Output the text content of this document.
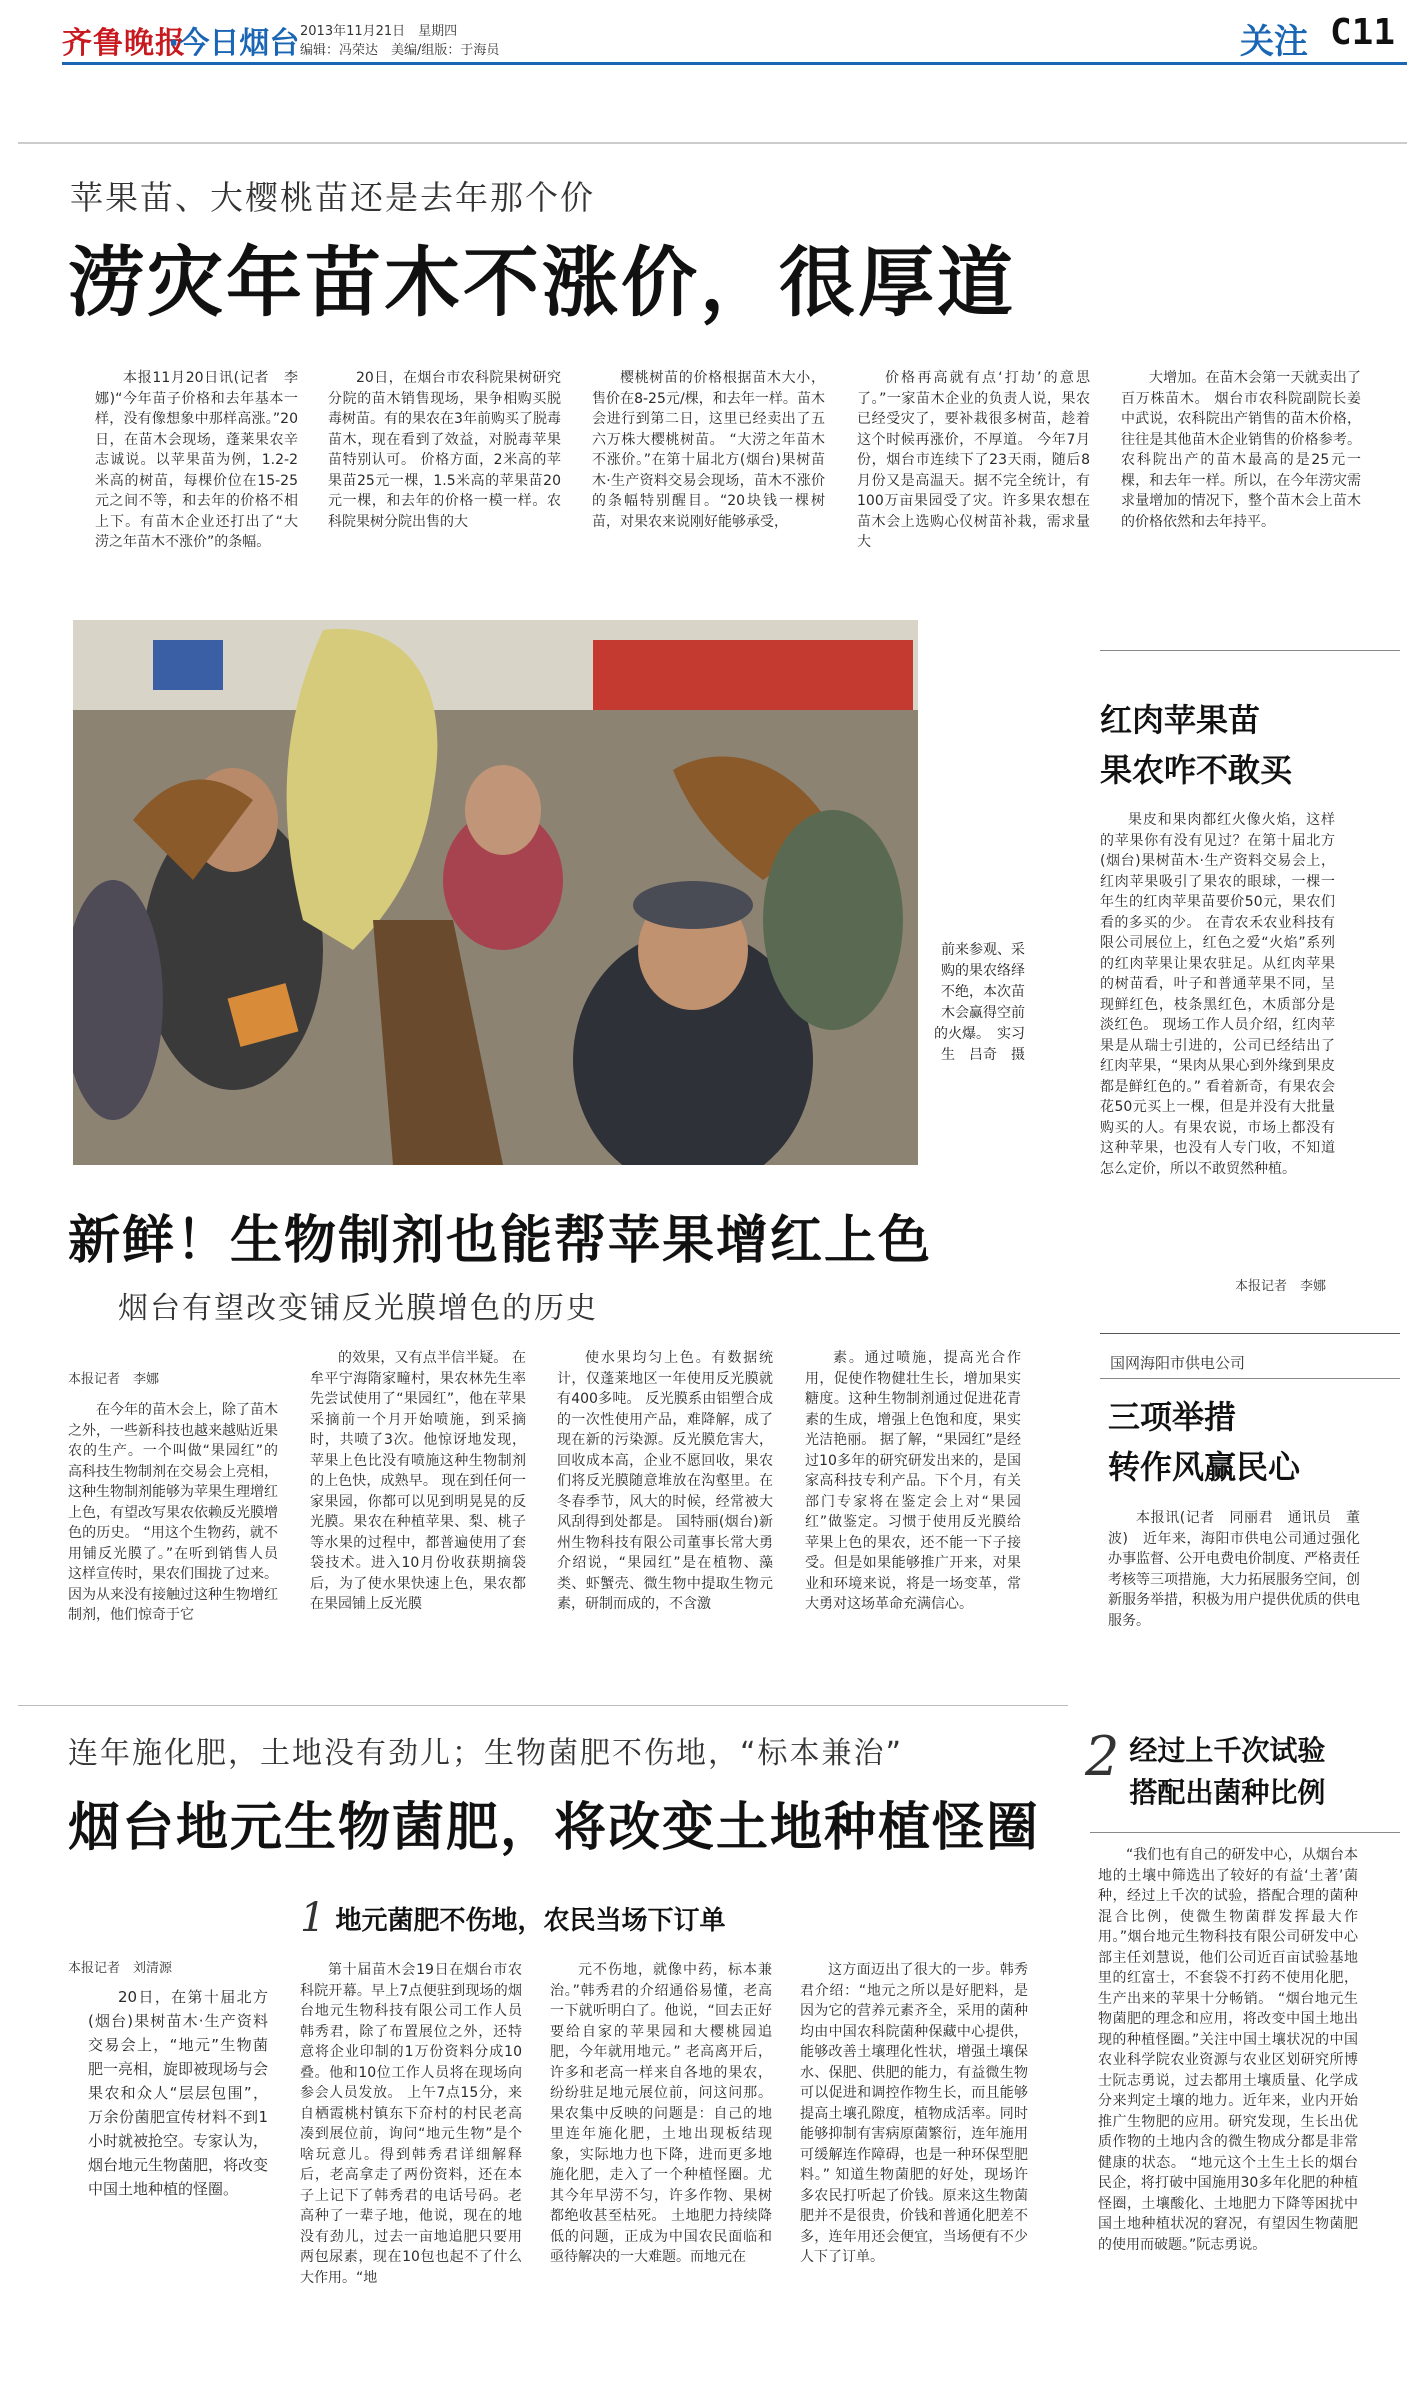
齐鲁晚报
·今日烟台 2013年11月21日　星期四
编辑：冯荣达　美编/组版：于海员	关注 C11
苹果苗、大樱桃苗还是去年那个价
涝灾年苗木不涨价，很厚道

本报11月20日讯(记者　李娜)“今年苗子价格和去年基本一样，没有像想象中那样高涨。”20日，在苗木会现场，蓬莱果农辛志诚说。以苹果苗为例，1.2-2米高的树苗，每棵价位在15-25元之间不等，和去年的价格不相上下。有苗木企业还打出了“大涝之年苗木不涨价”的条幅。

20日，在烟台市农科院果树研究分院的苗木销售现场，果争相购买脱毒树苗。有的果农在3年前购买了脱毒苗木，现在看到了效益，对脱毒苹果苗特别认可。 价格方面，2米高的苹果苗25元一棵，1.5米高的苹果苗20元一棵，和去年的价格一模一样。农科院果树分院出售的大

樱桃树苗的价格根据苗木大小，售价在8-25元/棵，和去年一样。苗木会进行到第二日，这里已经卖出了五六万株大樱桃树苗。 “大涝之年苗木不涨价。”在第十届北方(烟台)果树苗木·生产资料交易会现场，苗木不涨价的条幅特别醒目。“20块钱一棵树苗，对果农来说刚好能够承受，

价格再高就有点‘打劫’的意思了。”一家苗木企业的负责人说，果农已经受灾了，要补栽很多树苗，趁着这个时候再涨价，不厚道。 今年7月份，烟台市连续下了23天雨，随后8月份又是高温天。据不完全统计，有100万亩果园受了灾。许多果农想在苗木会上选购心仪树苗补栽，需求量大

大增加。在苗木会第一天就卖出了百万株苗木。 烟台市农科院副院长姜中武说，农科院出产销售的苗木价格，往往是其他苗木企业销售的价格参考。农科院出产的苗木最高的是25元一棵，和去年一样。所以，在今年涝灾需求量增加的情况下，整个苗木会上苗木的价格依然和去年持平。

前来参观、采购的果农络绎不绝，本次苗木会赢得空前的火爆。　实习生　吕奇　摄
红肉苹果苗
果农咋不敢买

果皮和果肉都红火像火焰，这样的苹果你有没有见过？在第十届北方(烟台)果树苗木·生产资料交易会上，红肉苹果吸引了果农的眼球，一棵一年生的红肉苹果苗要价50元，果农们看的多买的少。 在青农禾农业科技有限公司展位上，红色之爱“火焰”系列的红肉苹果让果农驻足。从红肉苹果的树苗看，叶子和普通苹果不同，呈现鲜红色，枝条黑红色，木质部分是淡红色。 现场工作人员介绍，红肉苹果是从瑞士引进的，公司已经结出了红肉苹果，“果肉从果心到外缘到果皮都是鲜红色的。” 看着新奇，有果农会花50元买上一棵，但是并没有大批量购买的人。有果农说，市场上都没有这种苹果，也没有人专门收，不知道怎么定价，所以不敢贸然种植。

本报记者　李娜
新鲜！生物制剂也能帮苹果增红上色
烟台有望改变铺反光膜增色的历史
本报记者　李娜

在今年的苗木会上，除了苗木之外，一些新科技也越来越贴近果农的生产。一个叫做“果园红”的高科技生物制剂在交易会上亮相，这种生物制剂能够为苹果生理增红上色，有望改写果农依赖反光膜增色的历史。 “用这个生物药，就不用铺反光膜了。”在听到销售人员这样宣传时，果农们围拢了过来。因为从来没有接触过这种生物增红制剂，他们惊奇于它

的效果，又有点半信半疑。 在牟平宁海隋家疃村，果农林先生率先尝试使用了“果园红”，他在苹果采摘前一个月开始喷施，到采摘时，共喷了3次。他惊讶地发现，苹果上色比没有喷施这种生物制剂的上色快，成熟早。 现在到任何一家果园，你都可以见到明晃晃的反光膜。果农在种植苹果、梨、桃子等水果的过程中，都普遍使用了套袋技术。进入10月份收获期摘袋后，为了使水果快速上色，果农都在果园铺上反光膜

使水果均匀上色。有数据统计，仅蓬莱地区一年使用反光膜就有400多吨。 反光膜系由铝塑合成的一次性使用产品，难降解，成了现在新的污染源。反光膜危害大，回收成本高，企业不愿回收，果农们将反光膜随意堆放在沟壑里。在冬春季节，风大的时候，经常被大风刮得到处都是。 国特丽(烟台)新州生物科技有限公司董事长常大勇介绍说，“果园红”是在植物、藻类、虾蟹壳、微生物中提取生物元素，研制而成的，不含激

素。通过喷施，提高光合作用，促使作物健壮生长，增加果实糖度。这种生物制剂通过促进花青素的生成，增强上色饱和度，果实光洁艳丽。 据了解，“果园红”是经过10多年的研究研发出来的，是国家高科技专利产品。下个月，有关部门专家将在鉴定会上对“果园红”做鉴定。习惯于使用反光膜给苹果上色的果农，还不能一下子接受。但是如果能够推广开来，对果业和环境来说，将是一场变革，常大勇对这场革命充满信心。

国网海阳市供电公司
三项举措
转作风赢民心

本报讯(记者　同丽君　通讯员　董波)　近年来，海阳市供电公司通过强化办事监督、公开电费电价制度、严格责任考核等三项措施，大力拓展服务空间，创新服务举措，积极为用户提供优质的供电服务。

连年施化肥，土地没有劲儿；生物菌肥不伤地，“标本兼治”
烟台地元生物菌肥，将改变土地种植怪圈
1 地元菌肥不伤地，农民当场下订单
本报记者　刘清源

20日，在第十届北方(烟台)果树苗木·生产资料交易会上，“地元”生物菌肥一亮相，旋即被现场与会果农和众人“层层包围”，万余份菌肥宣传材料不到1小时就被抢空。专家认为，烟台地元生物菌肥，将改变中国土地种植的怪圈。

第十届苗木会19日在烟台市农科院开幕。早上7点便驻到现场的烟台地元生物科技有限公司工作人员韩秀君，除了布置展位之外，还特意将企业印制的1万份资料分成10叠。他和10位工作人员将在现场向参会人员发放。 上午7点15分，来自栖霞桃村镇东下夼村的村民老高凑到展位前，询问“地元生物”是个啥玩意儿。得到韩秀君详细解释后，老高拿走了两份资料，还在本子上记下了韩秀君的电话号码。老高种了一辈子地，他说，现在的地没有劲儿，过去一亩地追肥只要用两包尿素，现在10包也起不了什么大作用。“地

元不伤地，就像中药，标本兼治。”韩秀君的介绍通俗易懂，老高一下就听明白了。他说，“回去正好要给自家的苹果园和大樱桃园追肥，今年就用地元。” 老高离开后，许多和老高一样来自各地的果农，纷纷驻足地元展位前，问这问那。果农集中反映的问题是：自己的地里连年施化肥，土地出现板结现象，实际地力也下降，进而更多地施化肥，走入了一个种植怪圈。尤其今年早涝不匀，许多作物、果树都绝收甚至枯死。 土地肥力持续降低的问题，正成为中国农民面临和亟待解决的一大难题。而地元在

这方面迈出了很大的一步。韩秀君介绍：“地元之所以是好肥料，是因为它的营养元素齐全，采用的菌种均由中国农科院菌种保藏中心提供，能够改善土壤理化性状，增强土壤保水、保肥、供肥的能力，有益微生物可以促进和调控作物生长，而且能够提高土壤孔隙度，植物成活率。同时能够抑制有害病原菌繁衍，连年施用可缓解连作障碍，也是一种环保型肥料。” 知道生物菌肥的好处，现场许多农民打听起了价钱。原来这生物菌肥并不是很贵，价钱和普通化肥差不多，连年用还会便宜，当场便有不少人下了订单。

2 经过上千次试验
搭配出菌种比例

“我们也有自己的研发中心，从烟台本地的土壤中筛选出了较好的有益‘土著’菌种，经过上千次的试验，搭配合理的菌种混合比例，使微生物菌群发挥最大作用。”烟台地元生物科技有限公司研发中心部主任刘慧说，他们公司近百亩试验基地里的红富士，不套袋不打药不使用化肥，生产出来的苹果十分畅销。 “烟台地元生物菌肥的理念和应用，将改变中国土地出现的种植怪圈。”关注中国土壤状况的中国农业科学院农业资源与农业区划研究所博士阮志勇说，过去都用土壤质量、化学成分来判定土壤的地力。近年来，业内开始推广生物肥的应用。研究发现，生长出优质作物的土地内含的微生物成分都是非常健康的状态。 “地元这个土生土长的烟台民企，将打破中国施用30多年化肥的种植怪圈，土壤酸化、土地肥力下降等困扰中国土地种植状况的窘况，有望因生物菌肥的使用而破题。”阮志勇说。
